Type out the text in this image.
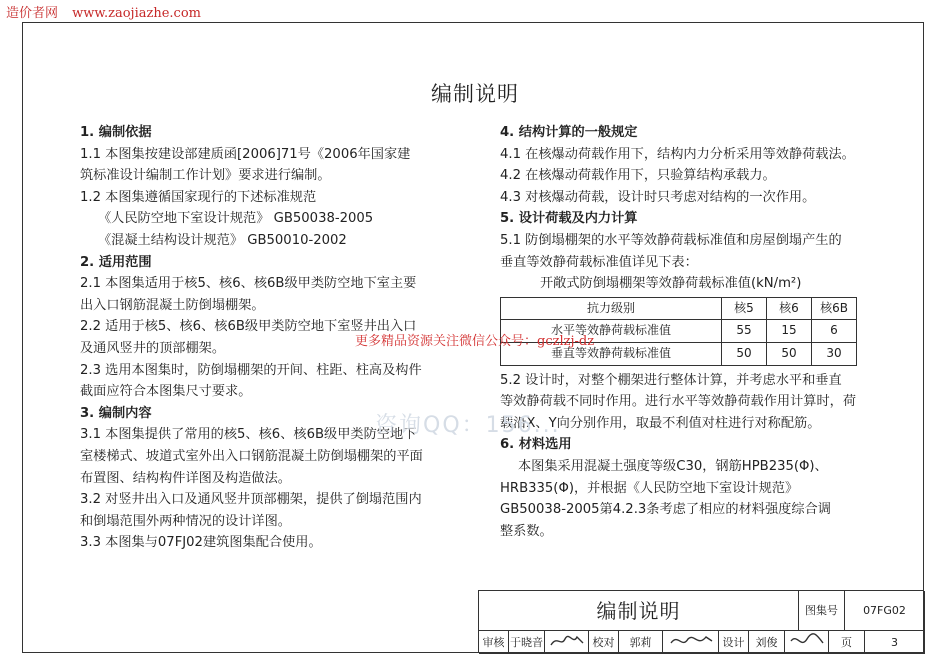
造价者网 www.zaojiazhe.com
编制说明
1. 编制依据
1.1 本图集按建设部建质函[2006]71号《2006年国家建
筑标准设计编制工作计划》要求进行编制。
1.2 本图集遵循国家现行的下述标准规范
《人民防空地下室设计规范》 GB50038-2005
《混凝土结构设计规范》 GB50010-2002
2. 适用范围
2.1 本图集适用于核5、核6、核6B级甲类防空地下室主要
出入口钢筋混凝土防倒塌棚架。
2.2 适用于核5、核6、核6B级甲类防空地下室竖井出入口
及通风竖井的顶部棚架。
2.3 选用本图集时，防倒塌棚架的开间、柱距、柱高及构件
截面应符合本图集尺寸要求。
3. 编制内容
3.1 本图集提供了常用的核5、核6、核6B级甲类防空地下
室楼梯式、坡道式室外出入口钢筋混凝土防倒塌棚架的平面
布置图、结构构件详图及构造做法。
3.2 对竖井出入口及通风竖井顶部棚架，提供了倒塌范围内
和倒塌范围外两种情况的设计详图。
3.3 本图集与07FJ02建筑图集配合使用。
4. 结构计算的一般规定
4.1 在核爆动荷载作用下，结构内力分析采用等效静荷载法。
4.2 在核爆动荷载作用下，只验算结构承载力。
4.3 对核爆动荷载，设计时只考虑对结构的一次作用。
5. 设计荷载及内力计算
5.1 防倒塌棚架的水平等效静荷载标准值和房屋倒塌产生的
垂直等效静荷载标准值详见下表：
开敞式防倒塌棚架等效静荷载标准值(kN/m²)
抗力级别	核5	核6	核6B
水平等效静荷载标准值	55	15	6
垂直等效静荷载标准值	50	50	30
5.2 设计时，对整个棚架进行整体计算，并考虑水平和垂直
等效静荷载不同时作用。进行水平等效静荷载作用计算时，荷
载沿X、Y向分别作用，取最不利值对柱进行对称配筋。
6. 材料选用
本图集采用混凝土强度等级C30，钢筋HPB235(Φ)、
HRB335(Φ)，并根据《人民防空地下室设计规范》
GB50038-2005第4.2.3条考虑了相应的材料强度综合调
整系数。
咨询QQ：156...
更多精品资源关注微信公众号：gczlzj-dz
编制说明	图集号	07FG02
审核 于晓音	校对	郭莉	设计	刘俊	页	3
